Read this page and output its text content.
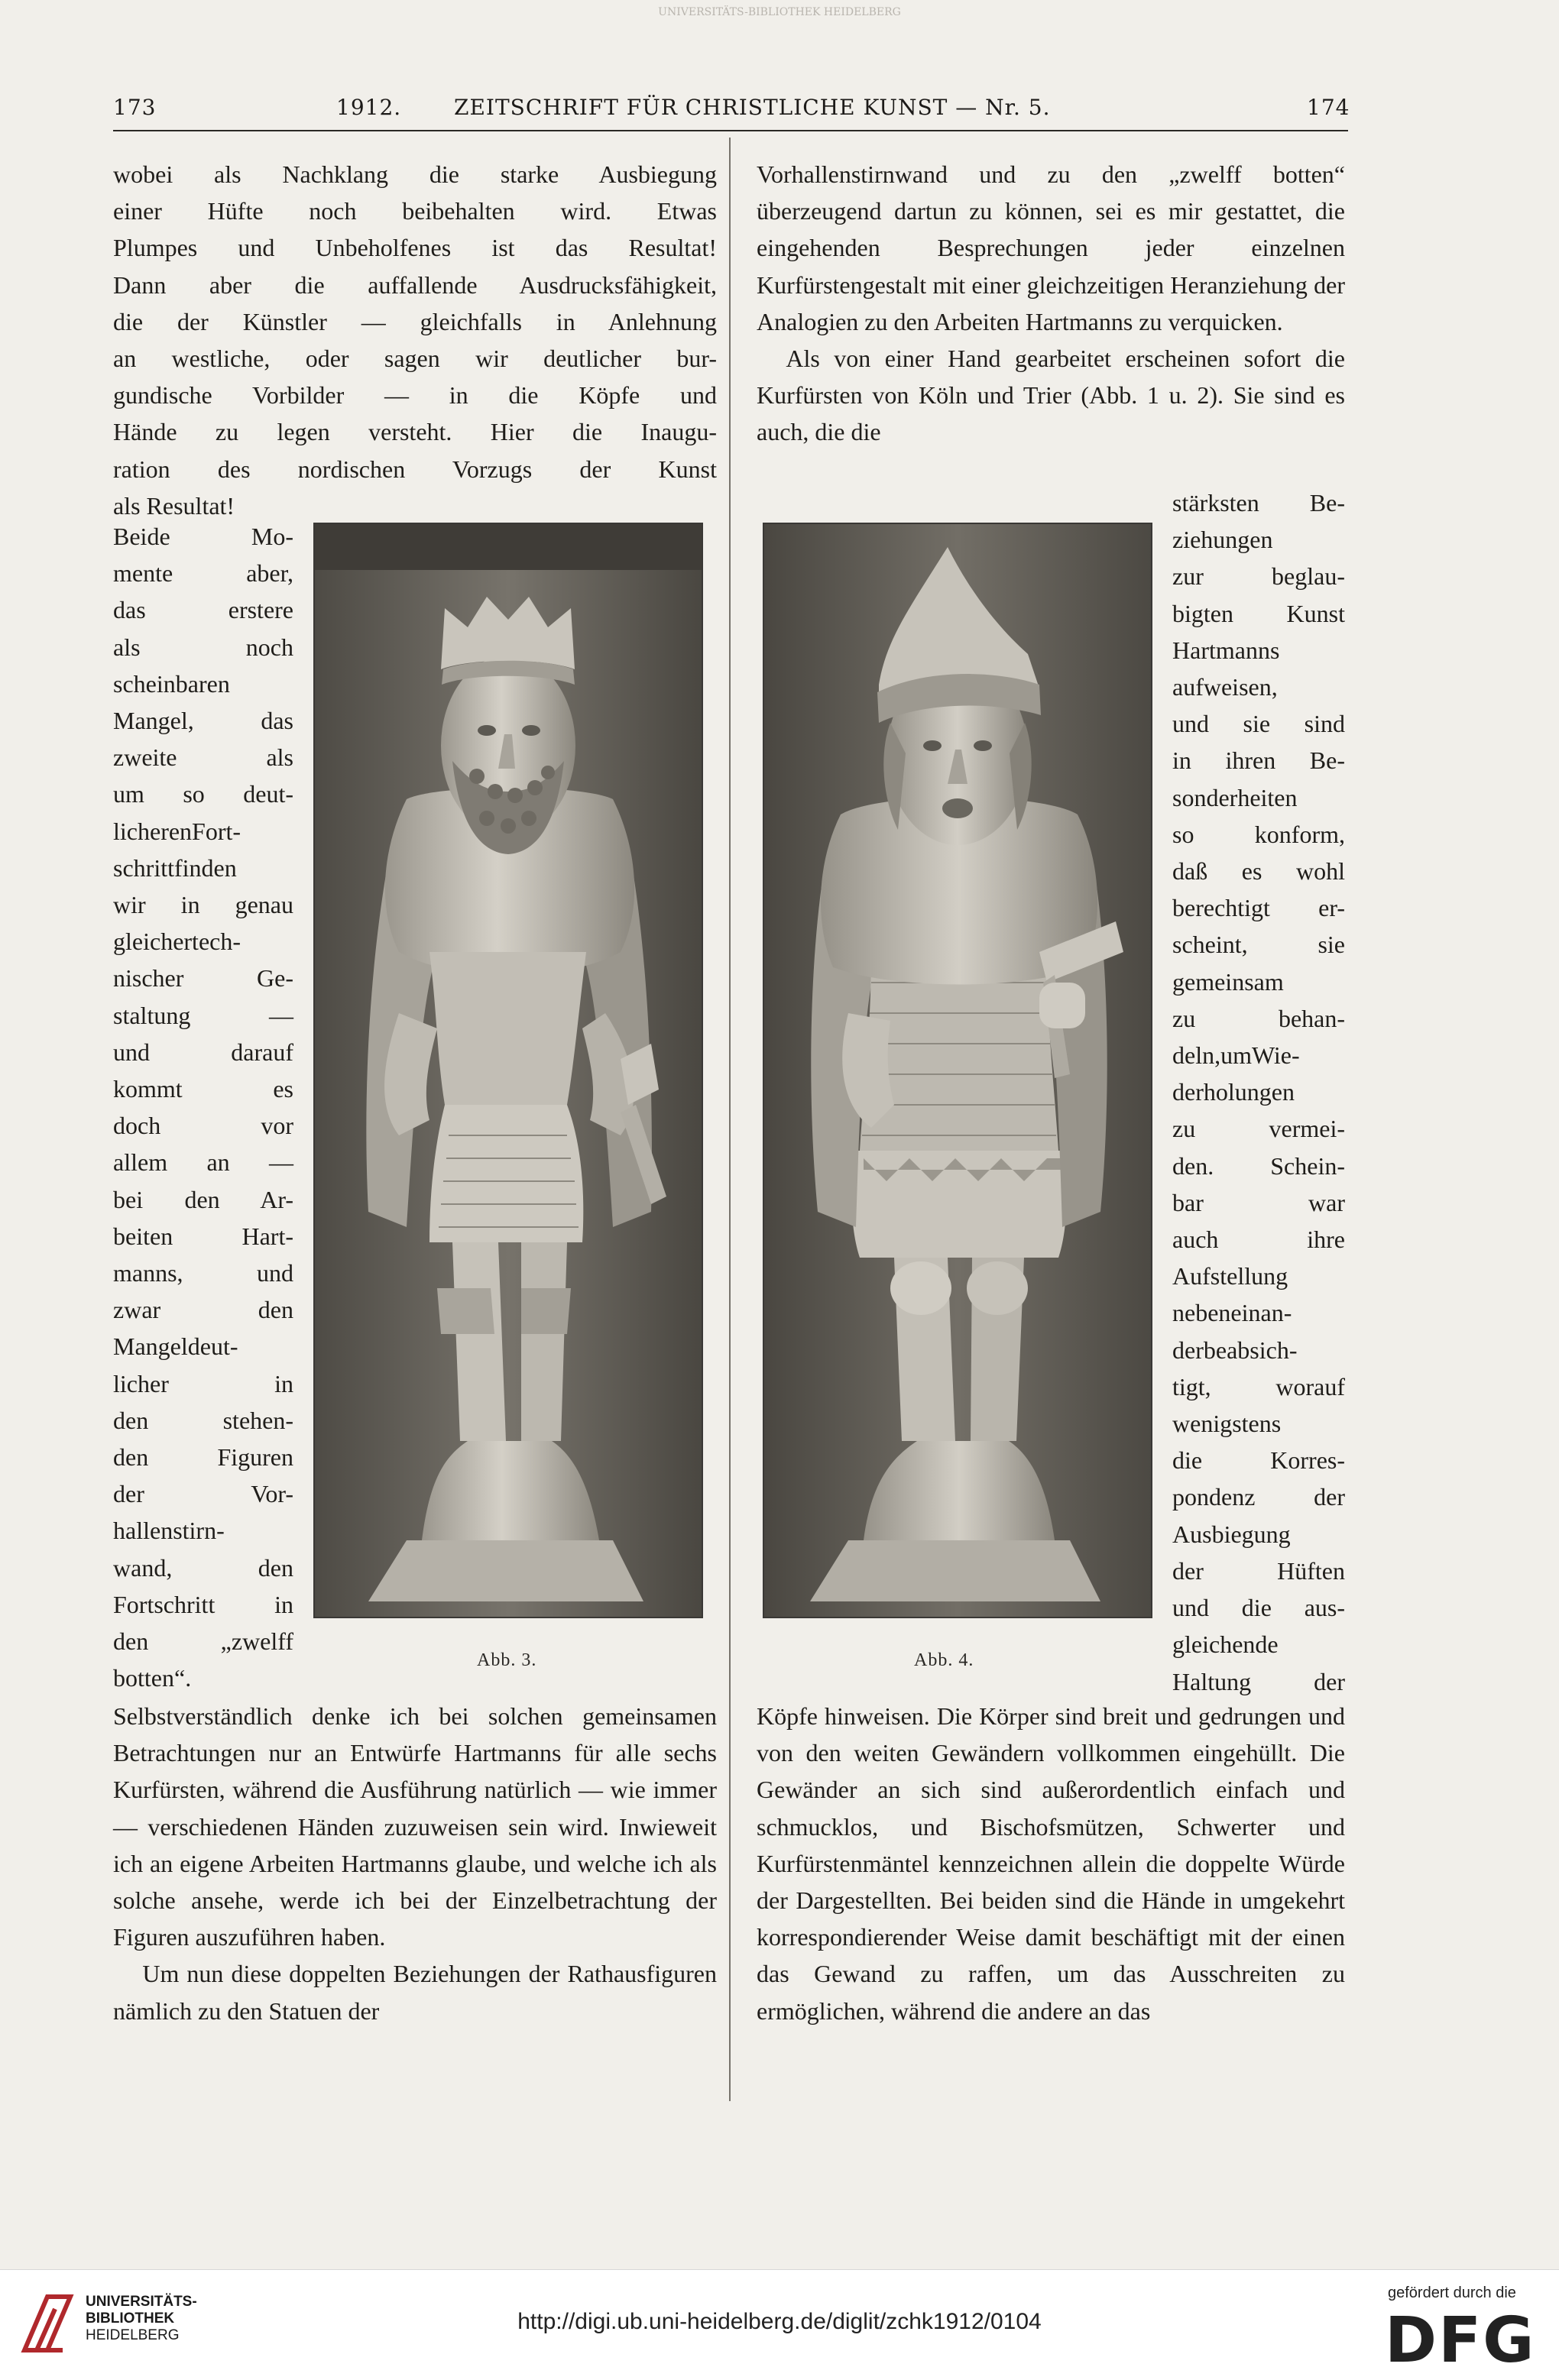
UNIVERSITÄTS-BIBLIOTHEK HEIDELBERG
173	1912. ZEITSCHRIFT FÜR CHRISTLICHE KUNST — Nr. 5.	174

wobei als Nachklang die starke Ausbiegung
einer Hüfte noch beibehalten wird. Etwas
Plumpes und Unbeholfenes ist das Resultat!
Dann aber die auffallende Ausdrucksfähigkeit,
die der Künstler — gleichfalls in Anlehnung
an westliche, oder sagen wir deutlicher bur-
gundische Vorbilder — in die Köpfe und
Hände zu legen versteht. Hier die Inaugu-
ration des nordischen Vorzugs der Kunst
als Resultat!

Beide Mo-
mente aber,
das erstere
als noch
scheinbaren
Mangel, das
zweite als
um so deut-
licherenFort-
schrittfinden
wir in genau
gleichertech-
nischer Ge-
staltung —
und darauf
kommt es
doch vor
allem an —
bei den Ar-
beiten Hart-
manns, und
zwar den
Mangeldeut-
licher in
den stehen-
den Figuren
der Vor-
hallenstirn-
wand, den
Fortschritt in
den „zwelff
botten“.
Abb. 3.

Selbstverständlich denke ich bei solchen gemeinsamen Betrachtungen nur an Entwürfe Hartmanns für alle sechs Kurfürsten, während die Ausführung natürlich — wie immer — verschiedenen Händen zuzuweisen sein wird. Inwieweit ich an eigene Arbeiten Hartmanns glaube, und welche ich als solche ansehe, werde ich bei der Einzelbetrachtung der Figuren auszuführen haben.

Um nun diese doppelten Beziehungen der Rathausfiguren nämlich zu den Statuen der

Vorhallenstirnwand und zu den „zwelff botten“ überzeugend dartun zu können, sei es mir gestattet, die eingehenden Besprechungen jeder einzelnen Kurfürstengestalt mit einer gleichzeitigen Heranziehung der Analogien zu den Arbeiten Hartmanns zu verquicken.

Als von einer Hand gearbeitet erscheinen sofort die Kurfürsten von Köln und Trier (Abb. 1 u. 2). Sie sind es auch, die die

Abb. 4.
stärksten Be-
ziehungen
zur beglau-
bigten Kunst
Hartmanns
aufweisen,
und sie sind
in ihren Be-
sonderheiten
so konform,
daß es wohl
berechtigt er-
scheint, sie
gemeinsam
zu behan-
deln,umWie-
derholungen
zu vermei-
den. Schein-
bar war
auch ihre
Aufstellung
nebeneinan-
derbeabsich-
tigt, worauf
wenigstens
die Korres-
pondenz der
Ausbiegung
der Hüften
und die aus-
gleichende
Haltung der

Köpfe hinweisen. Die Körper sind breit und gedrungen und von den weiten Gewändern vollkommen eingehüllt. Die Gewänder an sich sind außerordentlich einfach und schmucklos, und Bischofsmützen, Schwerter und Kurfürstenmäntel kennzeichnen allein die doppelte Würde der Dargestellten. Bei beiden sind die Hände in umgekehrt korrespondierender Weise damit beschäftigt mit der einen das Gewand zu raffen, um das Ausschreiten zu ermöglichen, während die andere an das

UNIVERSITÄTS-
BIBLIOTHEK
HEIDELBERG
http://digi.ub.uni-heidelberg.de/diglit/zchk1912/0104
gefördert durch die
DFG
